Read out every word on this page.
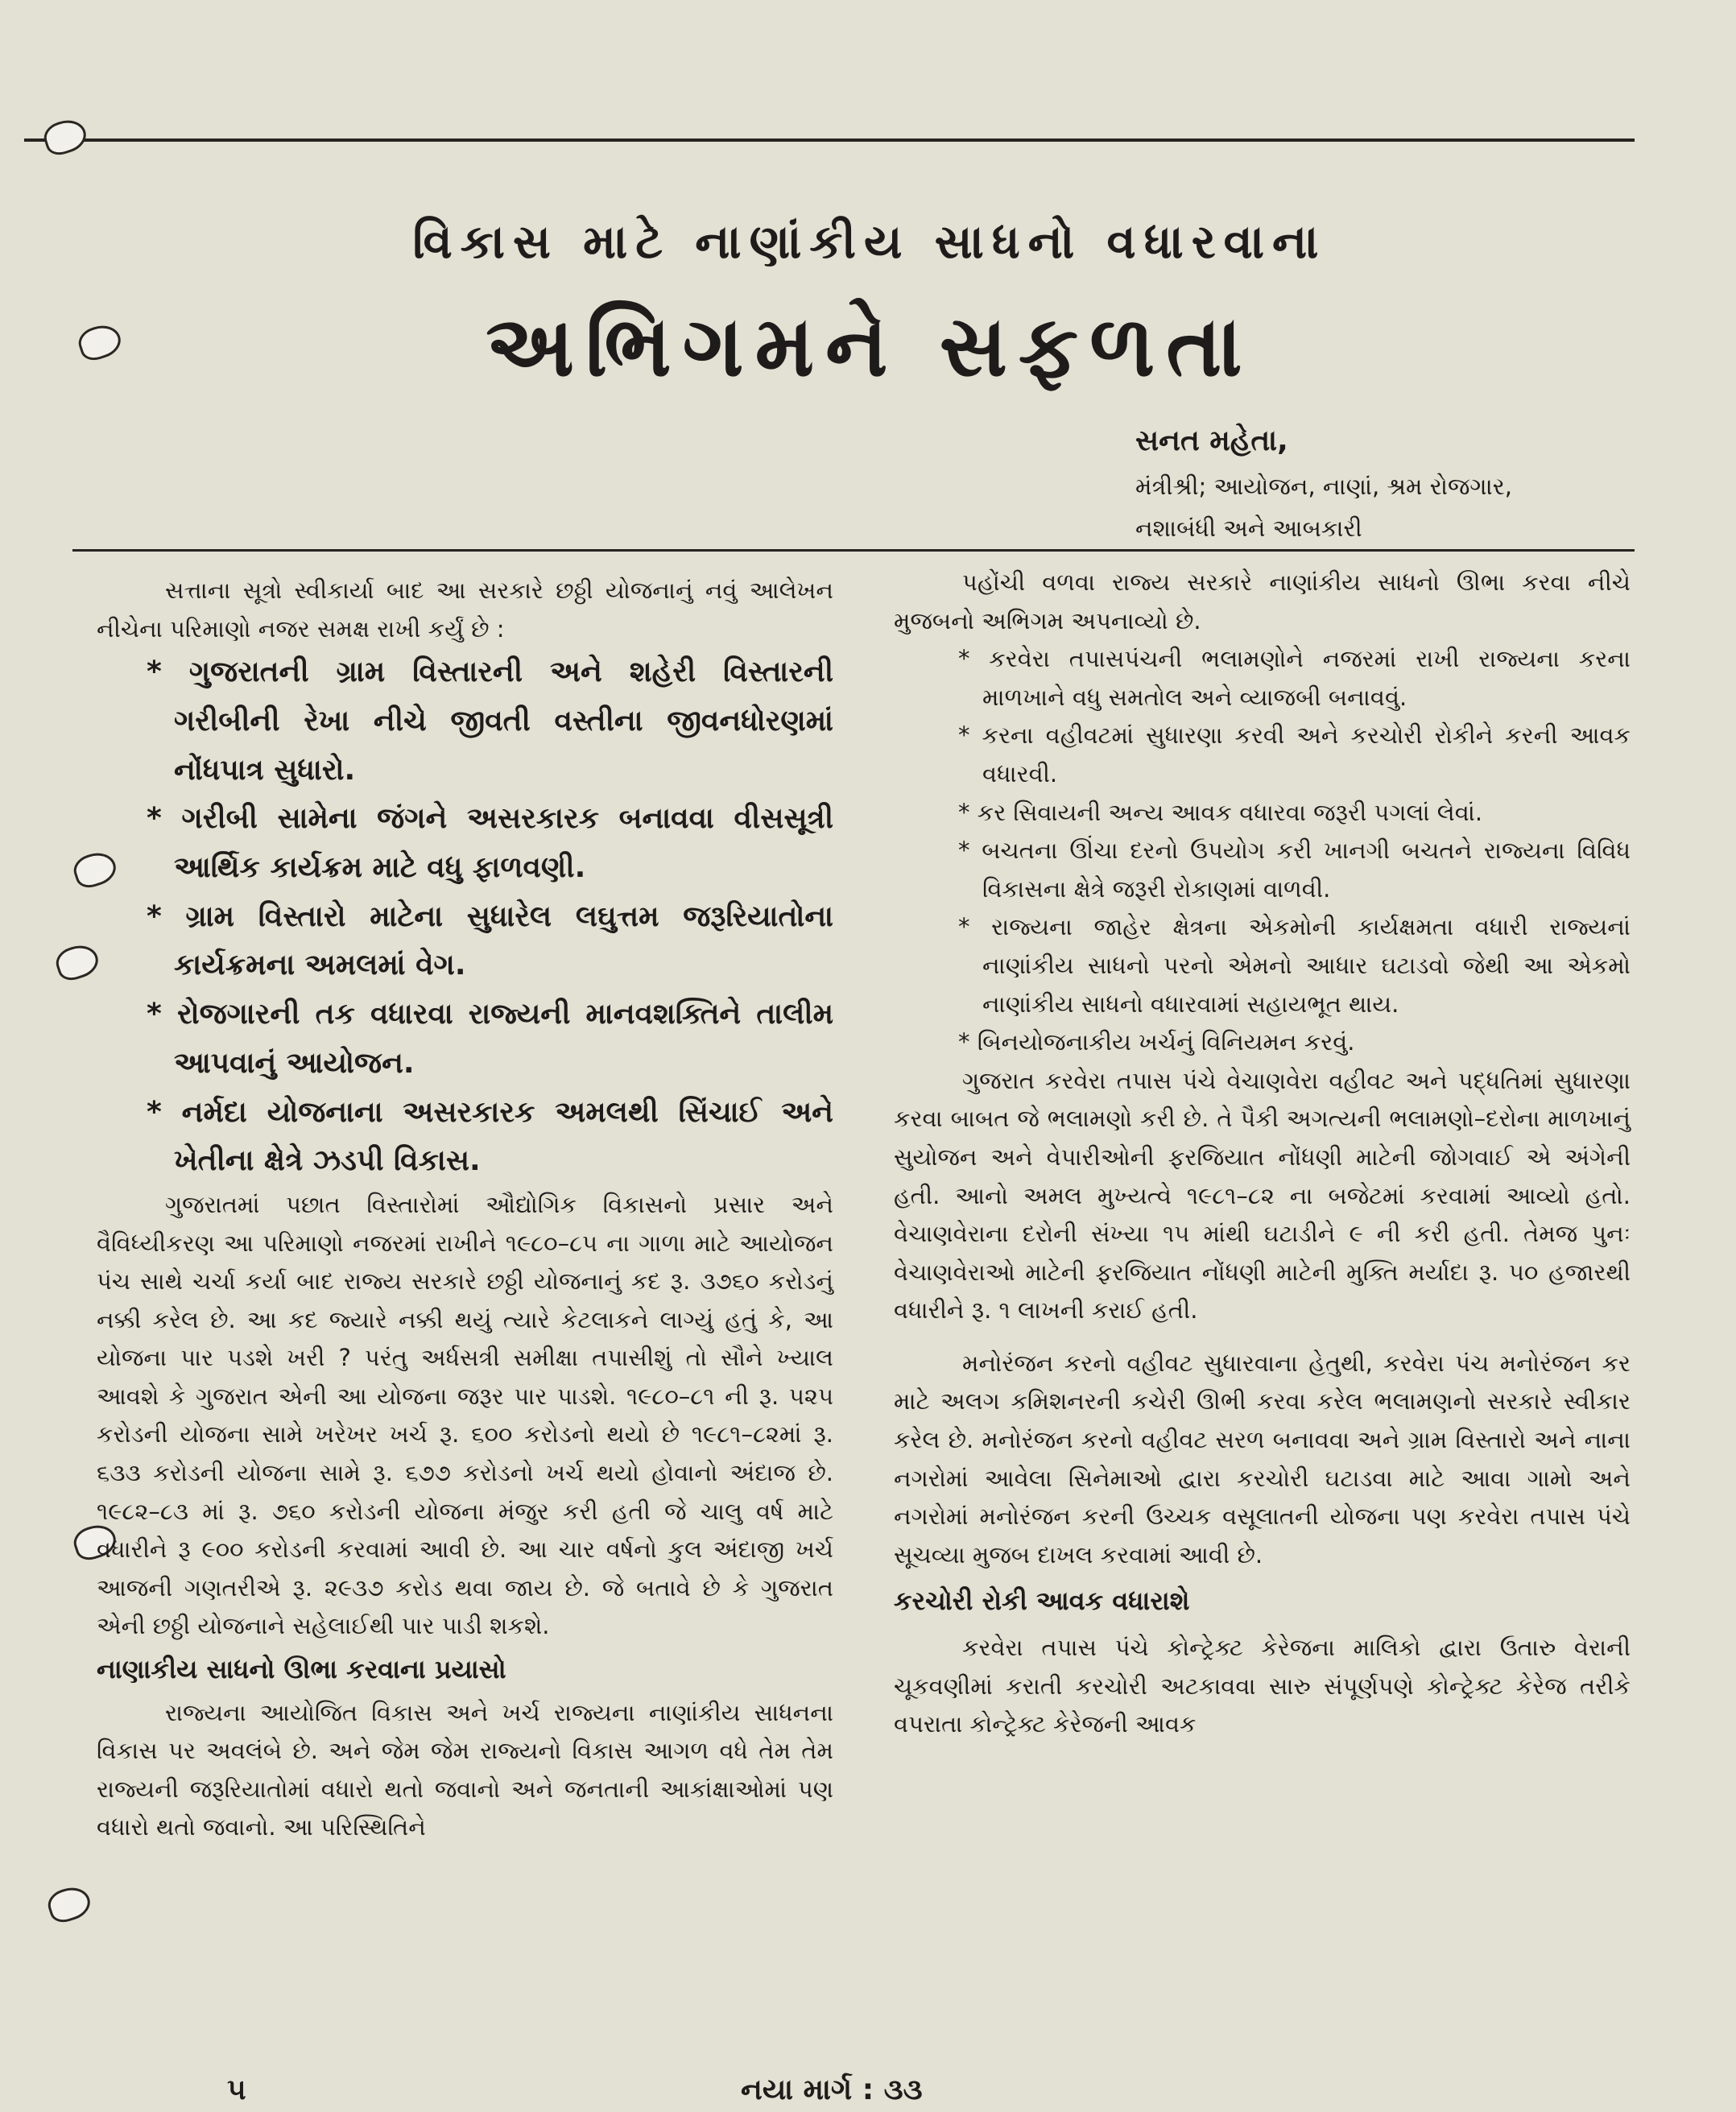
વિકાસ માટે નાણાંકીય સાધનો વધારવાના
અભિગમને સફળતા
સનત મહેતા,
મંત્રીશ્રી; આયોજન, નાણાં, શ્રમ રોજગાર,
નશાબંધી અને આબકારી

સત્તાના સૂત્રો સ્વીકાર્યા બાદ આ સરકારે છઠ્ઠી યોજનાનું નવું આલેખન નીચેના પરિમાણો નજર સમક્ષ રાખી કર્યું છે :

* ગુજરાતની ગ્રામ વિસ્તારની અને શહેરી વિસ્તારની ગરીબીની રેખા નીચે જીવતી વસ્તીના જીવનધોરણમાં નોંધપાત્ર સુધારો.

* ગરીબી સામેના જંગને અસરકારક બનાવવા વીસસૂત્રી આર્થિક કાર્યક્રમ માટે વધુ ફાળવણી.

* ગ્રામ વિસ્તારો માટેના સુધારેલ લઘુત્તમ જરૂરિયાતોના કાર્યક્રમના અમલમાં વેગ.

* રોજગારની તક વધારવા રાજ્યની માનવશક્તિને તાલીમ આપવાનું આયોજન.

* નર્મદા યોજનાના અસરકારક અમલથી સિંચાઈ અને ખેતીના ક્ષેત્રે ઝડપી વિકાસ.

ગુજરાતમાં પછાત વિસ્તારોમાં ઔદ્યોગિક વિકાસનો પ્રસાર અને વૈવિધ્યીકરણ આ પરિમાણો નજરમાં રાખીને ૧૯૮૦–૮૫ ના ગાળા માટે આયોજન પંચ સાથે ચર્ચા કર્યા બાદ રાજ્ય સરકારે છઠ્ઠી યોજનાનું કદ રૂ. ૩૭૬૦ કરોડનું નક્કી કરેલ છે. આ કદ જ્યારે નક્કી થયું ત્યારે કેટલાકને લાગ્યું હતું કે, આ યોજના પાર પડશે ખરી ? પરંતુ અર્ધસત્રી સમીક્ષા તપાસીશું તો સૌને ખ્યાલ આવશે કે ગુજરાત એની આ યોજના જરૂર પાર પાડશે. ૧૯૮૦–૮૧ ની રૂ. ૫૨૫ કરોડની યોજના સામે ખરેખર ખર્ચ રૂ. ૬૦૦ કરોડનો થયો છે ૧૯૮૧–૮૨માં રૂ. ૬૩૩ કરોડની યોજના સામે રૂ. ૬૭૭ કરોડનો ખર્ચ થયો હોવાનો અંદાજ છે. ૧૯૮૨–૮૩ માં રૂ. ૭૬૦ કરોડની યોજના મંજુર કરી હતી જે ચાલુ વર્ષ માટે વધારીને રૂ ૯૦૦ કરોડની કરવામાં આવી છે. આ ચાર વર્ષનો કુલ અંદાજી ખર્ચ આજની ગણતરીએ રૂ. ૨૯૩૭ કરોડ થવા જાય છે. જે બતાવે છે કે ગુજરાત એની છઠ્ઠી યોજનાને સહેલાઈથી પાર પાડી શકશે.

નાણાકીય સાધનો ઊભા કરવાના પ્રયાસો

રાજ્યના આયોજિત વિકાસ અને ખર્ચ રાજ્યના નાણાંકીય સાધનના વિકાસ પર અવલંબે છે. અને જેમ જેમ રાજ્યનો વિકાસ આગળ વધે તેમ તેમ રાજ્યની જરૂરિયાતોમાં વધારો થતો જવાનો અને જનતાની આકાંક્ષાઓમાં પણ વધારો થતો જવાનો. આ પરિસ્થિતિને

પહોંચી વળવા રાજ્ય સરકારે નાણાંકીય સાધનો ઊભા કરવા નીચે મુજબનો અભિગમ અપનાવ્યો છે.

* કરવેરા તપાસપંચની ભલામણોને નજરમાં રાખી રાજ્યના કરના માળખાને વધુ સમતોલ અને વ્યાજબી બનાવવું.

* કરના વહીવટમાં સુધારણા કરવી અને કરચોરી રોકીને કરની આવક વધારવી.

* કર સિવાયની અન્ય આવક વધારવા જરૂરી પગલાં લેવાં.

* બચતના ઊંચા દરનો ઉપયોગ કરી ખાનગી બચતને રાજ્યના વિવિધ વિકાસના ક્ષેત્રે જરૂરી રોકાણમાં વાળવી.

* રાજ્યના જાહેર ક્ષેત્રના એકમોની કાર્યક્ષમતા વધારી રાજ્યનાં નાણાંકીય સાધનો પરનો એમનો આધાર ઘટાડવો જેથી આ એકમો નાણાંકીય સાધનો વધારવામાં સહાયભૂત થાય.

* બિનયોજનાકીય ખર્ચનું વિનિયમન કરવું.

ગુજરાત કરવેરા તપાસ પંચે વેચાણવેરા વહીવટ અને પદ્ધતિમાં સુધારણા કરવા બાબત જે ભલામણો કરી છે. તે પૈકી અગત્યની ભલામણો–દરોના માળખાનું સુયોજન અને વેપારીઓની ફરજિયાત નોંધણી માટેની જોગવાઈ એ અંગેની હતી. આનો અમલ મુખ્યત્વે ૧૯૮૧–૮૨ ના બજેટમાં કરવામાં આવ્યો હતો. વેચાણવેરાના દરોની સંખ્યા ૧૫ માંથી ઘટાડીને ૯ ની કરી હતી. તેમજ પુનઃ વેચાણવેરાઓ માટેની ફરજિયાત નોંધણી માટેની મુક્તિ મર્યાદા રૂ. ૫૦ હજારથી વધારીને રૂ. ૧ લાખની કરાઈ હતી.

મનોરંજન કરનો વહીવટ સુધારવાના હેતુથી, કરવેરા પંચ મનોરંજન કર માટે અલગ કમિશનરની કચેરી ઊભી કરવા કરેલ ભલામણનો સરકારે સ્વીકાર કરેલ છે. મનોરંજન કરનો વહીવટ સરળ બનાવવા અને ગ્રામ વિસ્તારો અને નાના નગરોમાં આવેલા સિનેમાઓ દ્વારા કરચોરી ઘટાડવા માટે આવા ગામો અને નગરોમાં મનોરંજન કરની ઉચ્ચક વસૂલાતની યોજના પણ કરવેરા તપાસ પંચે સૂચવ્યા મુજબ દાખલ કરવામાં આવી છે.

કરચોરી રોકી આવક વધારાશે

કરવેરા તપાસ પંચે કોન્ટ્રેક્ટ કેરેજના માલિકો દ્વારા ઉતારુ વેરાની ચૂકવણીમાં કરાતી કરચોરી અટકાવવા સારુ સંપૂર્ણપણે કોન્ટ્રેક્ટ કેરેજ તરીકે વપરાતા કોન્ટ્રેક્ટ કેરેજની આવક

૫	નયા માર્ગ : ૩૩
